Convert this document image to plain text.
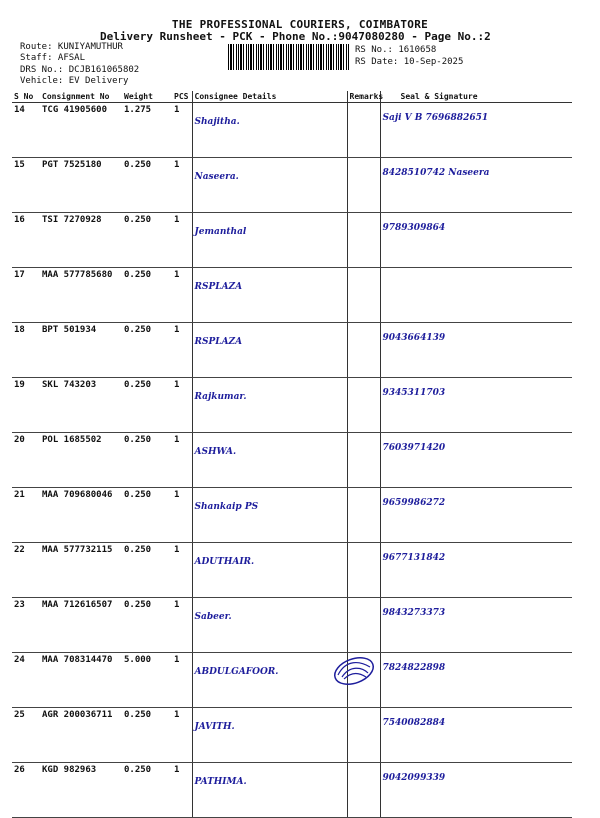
THE PROFESSIONAL COURIERS, COIMBATORE
Delivery Runsheet - PCK - Phone No.:9047080280 - Page No.:2
Route: KUNIYAMUTHUR
Staff: AFSAL
DRS No.: DCJB161065802
Vehicle: EV Delivery
RS No.: 1610658
RS Date: 10-Sep-2025
S No	Consignment No	Weight	PCS	Consignee Details	Remarks	Seal & Signature
14	TCG 41905600	1.275	1	Shajitha.		Saji V B 7696882651
15	PGT 7525180	0.250	1	Naseera.		8428510742 Naseera
16	TSI 7270928	0.250	1	Jemanthal		9789309864
17	MAA 577785680	0.250	1	RSPLAZA		
18	BPT 501934	0.250	1	RSPLAZA		9043664139
19	SKL 743203	0.250	1	Rajkumar.		9345311703
20	POL 1685502	0.250	1	ASHWA.		7603971420
21	MAA 709680046	0.250	1	Shankaip PS		9659986272
22	MAA 577732115	0.250	1	ADUTHAIR.		9677131842
23	MAA 712616507	0.250	1	Sabeer.		9843273373
24	MAA 708314470	5.000	1	ABDULGAFOOR.		7824822898
25	AGR 200036711	0.250	1	JAVITH.		7540082884
26	KGD 982963	0.250	1	PATHIMA.		9042099339
